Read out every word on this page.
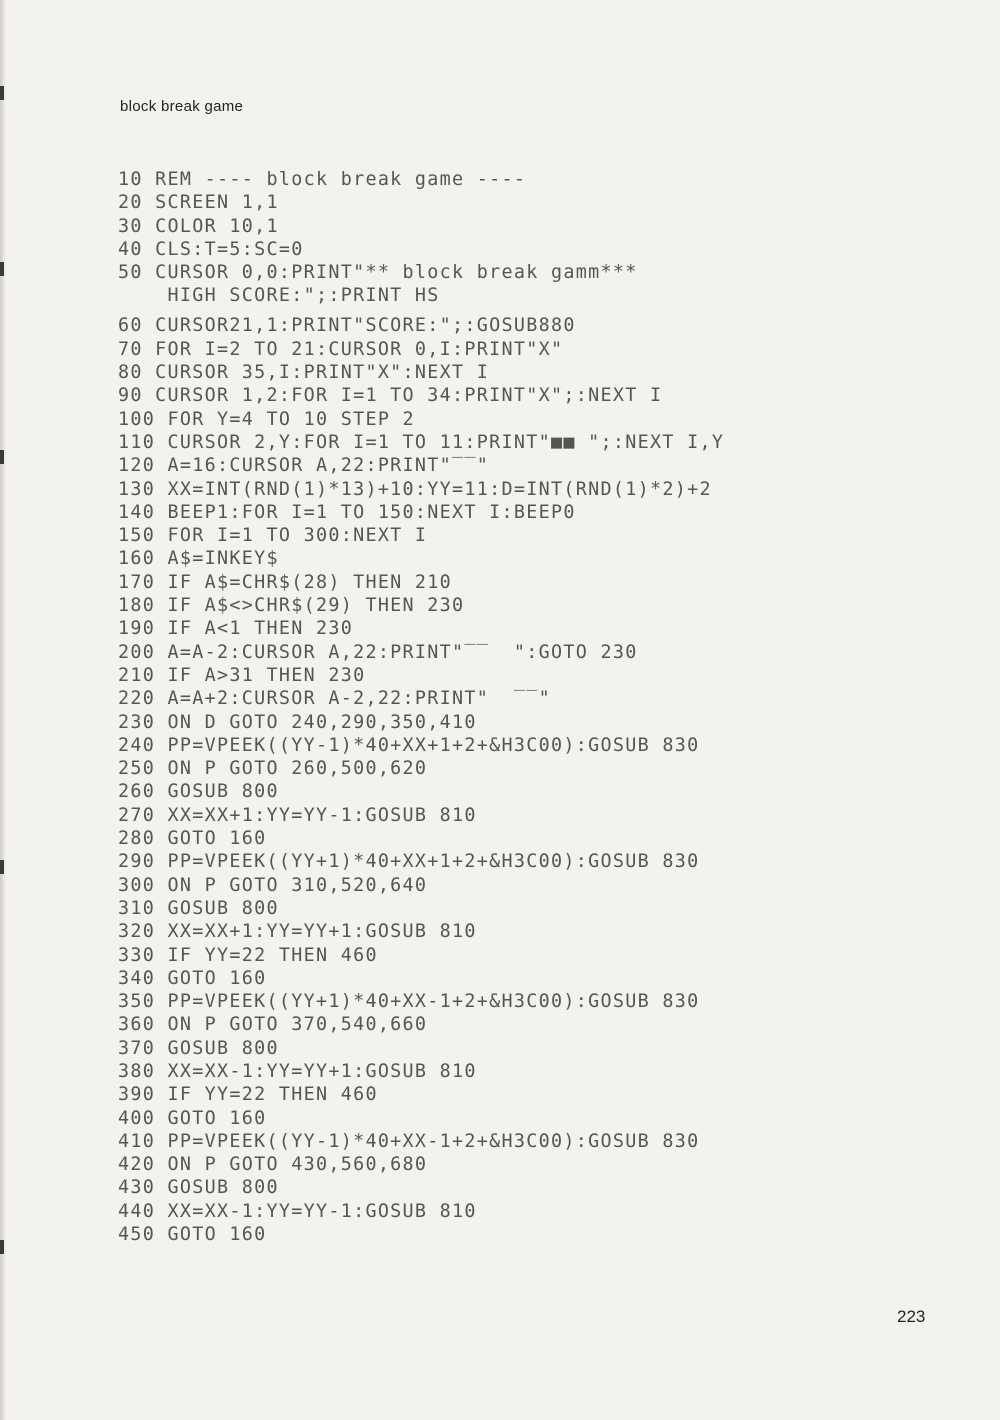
block break game
10 REM ---- block break game ----
20 SCREEN 1,1
30 COLOR 10,1
40 CLS:T=5:SC=0
50 CURSOR 0,0:PRINT"** block break gamm***
HIGH SCORE:";:PRINT HS
60 CURSOR21,1:PRINT"SCORE:";:GOSUB880
70 FOR I=2 TO 21:CURSOR 0,I:PRINT"X"
80 CURSOR 35,I:PRINT"X":NEXT I
90 CURSOR 1,2:FOR I=1 TO 34:PRINT"X";:NEXT I
100 FOR Y=4 TO 10 STEP 2
110 CURSOR 2,Y:FOR I=1 TO 11:PRINT"■■ ";:NEXT I,Y
120 A=16:CURSOR A,22:PRINT"‾‾"
130 XX=INT(RND(1)*13)+10:YY=11:D=INT(RND(1)*2)+2
140 BEEP1:FOR I=1 TO 150:NEXT I:BEEP0
150 FOR I=1 TO 300:NEXT I
160 A$=INKEY$
170 IF A$=CHR$(28) THEN 210
180 IF A$<>CHR$(29) THEN 230
190 IF A<1 THEN 230
200 A=A-2:CURSOR A,22:PRINT"‾‾  ":GOTO 230
210 IF A>31 THEN 230
220 A=A+2:CURSOR A-2,22:PRINT"  ‾‾"
230 ON D GOTO 240,290,350,410
240 PP=VPEEK((YY-1)*40+XX+1+2+&H3C00):GOSUB 830
250 ON P GOTO 260,500,620
260 GOSUB 800
270 XX=XX+1:YY=YY-1:GOSUB 810
280 GOTO 160
290 PP=VPEEK((YY+1)*40+XX+1+2+&H3C00):GOSUB 830
300 ON P GOTO 310,520,640
310 GOSUB 800
320 XX=XX+1:YY=YY+1:GOSUB 810
330 IF YY=22 THEN 460
340 GOTO 160
350 PP=VPEEK((YY+1)*40+XX-1+2+&H3C00):GOSUB 830
360 ON P GOTO 370,540,660
370 GOSUB 800
380 XX=XX-1:YY=YY+1:GOSUB 810
390 IF YY=22 THEN 460
400 GOTO 160
410 PP=VPEEK((YY-1)*40+XX-1+2+&H3C00):GOSUB 830
420 ON P GOTO 430,560,680
430 GOSUB 800
440 XX=XX-1:YY=YY-1:GOSUB 810
450 GOTO 160
223
